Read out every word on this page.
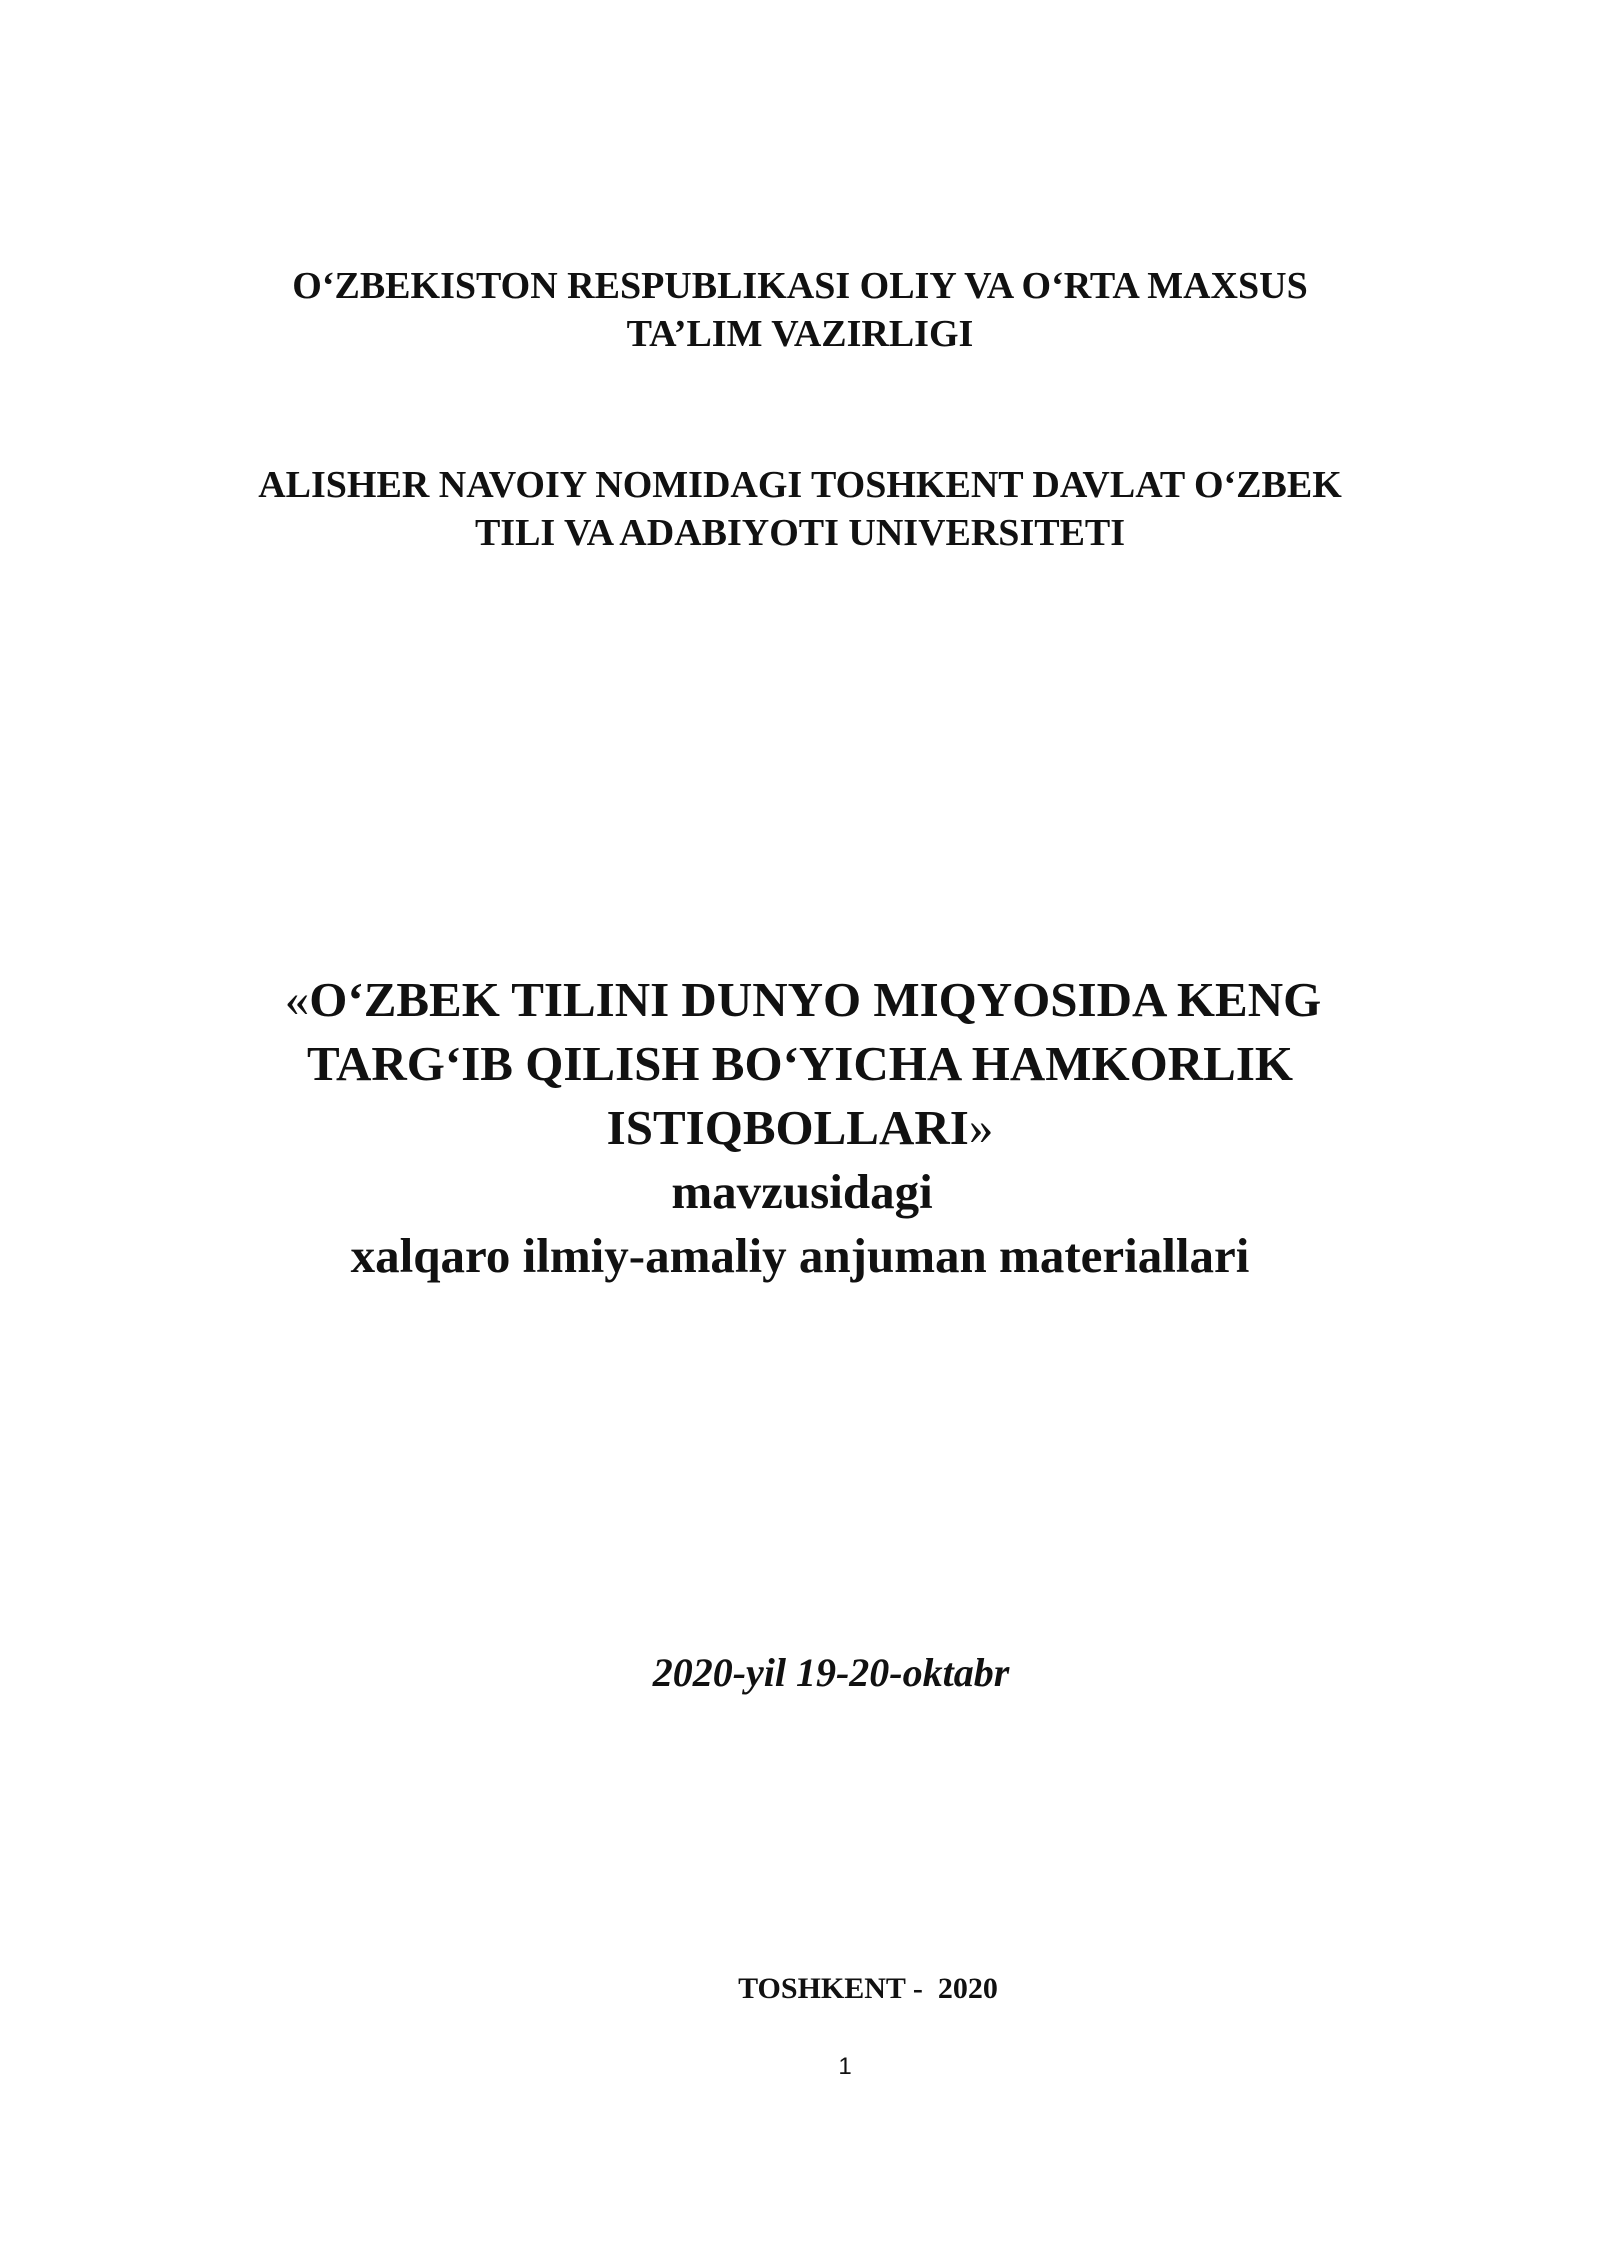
O‘ZBEKISTON RESPUBLIKASI OLIY VA O‘RTA MAXSUS
TA’LIM VAZIRLIGI
ALISHER NAVOIY NOMIDAGI TOSHKENT DAVLAT O‘ZBEK
TILI VA ADABIYOTI UNIVERSITETI
«O‘ZBEK TILINI DUNYO MIQYOSIDA KENG
TARG‘IB QILISH BO‘YICHA HAMKORLIK
ISTIQBOLLARI»
mavzusidagi
xalqaro ilmiy-amaliy anjuman materiallari
2020-yil 19-20-oktabr
TOSHKENT -  2020
1
